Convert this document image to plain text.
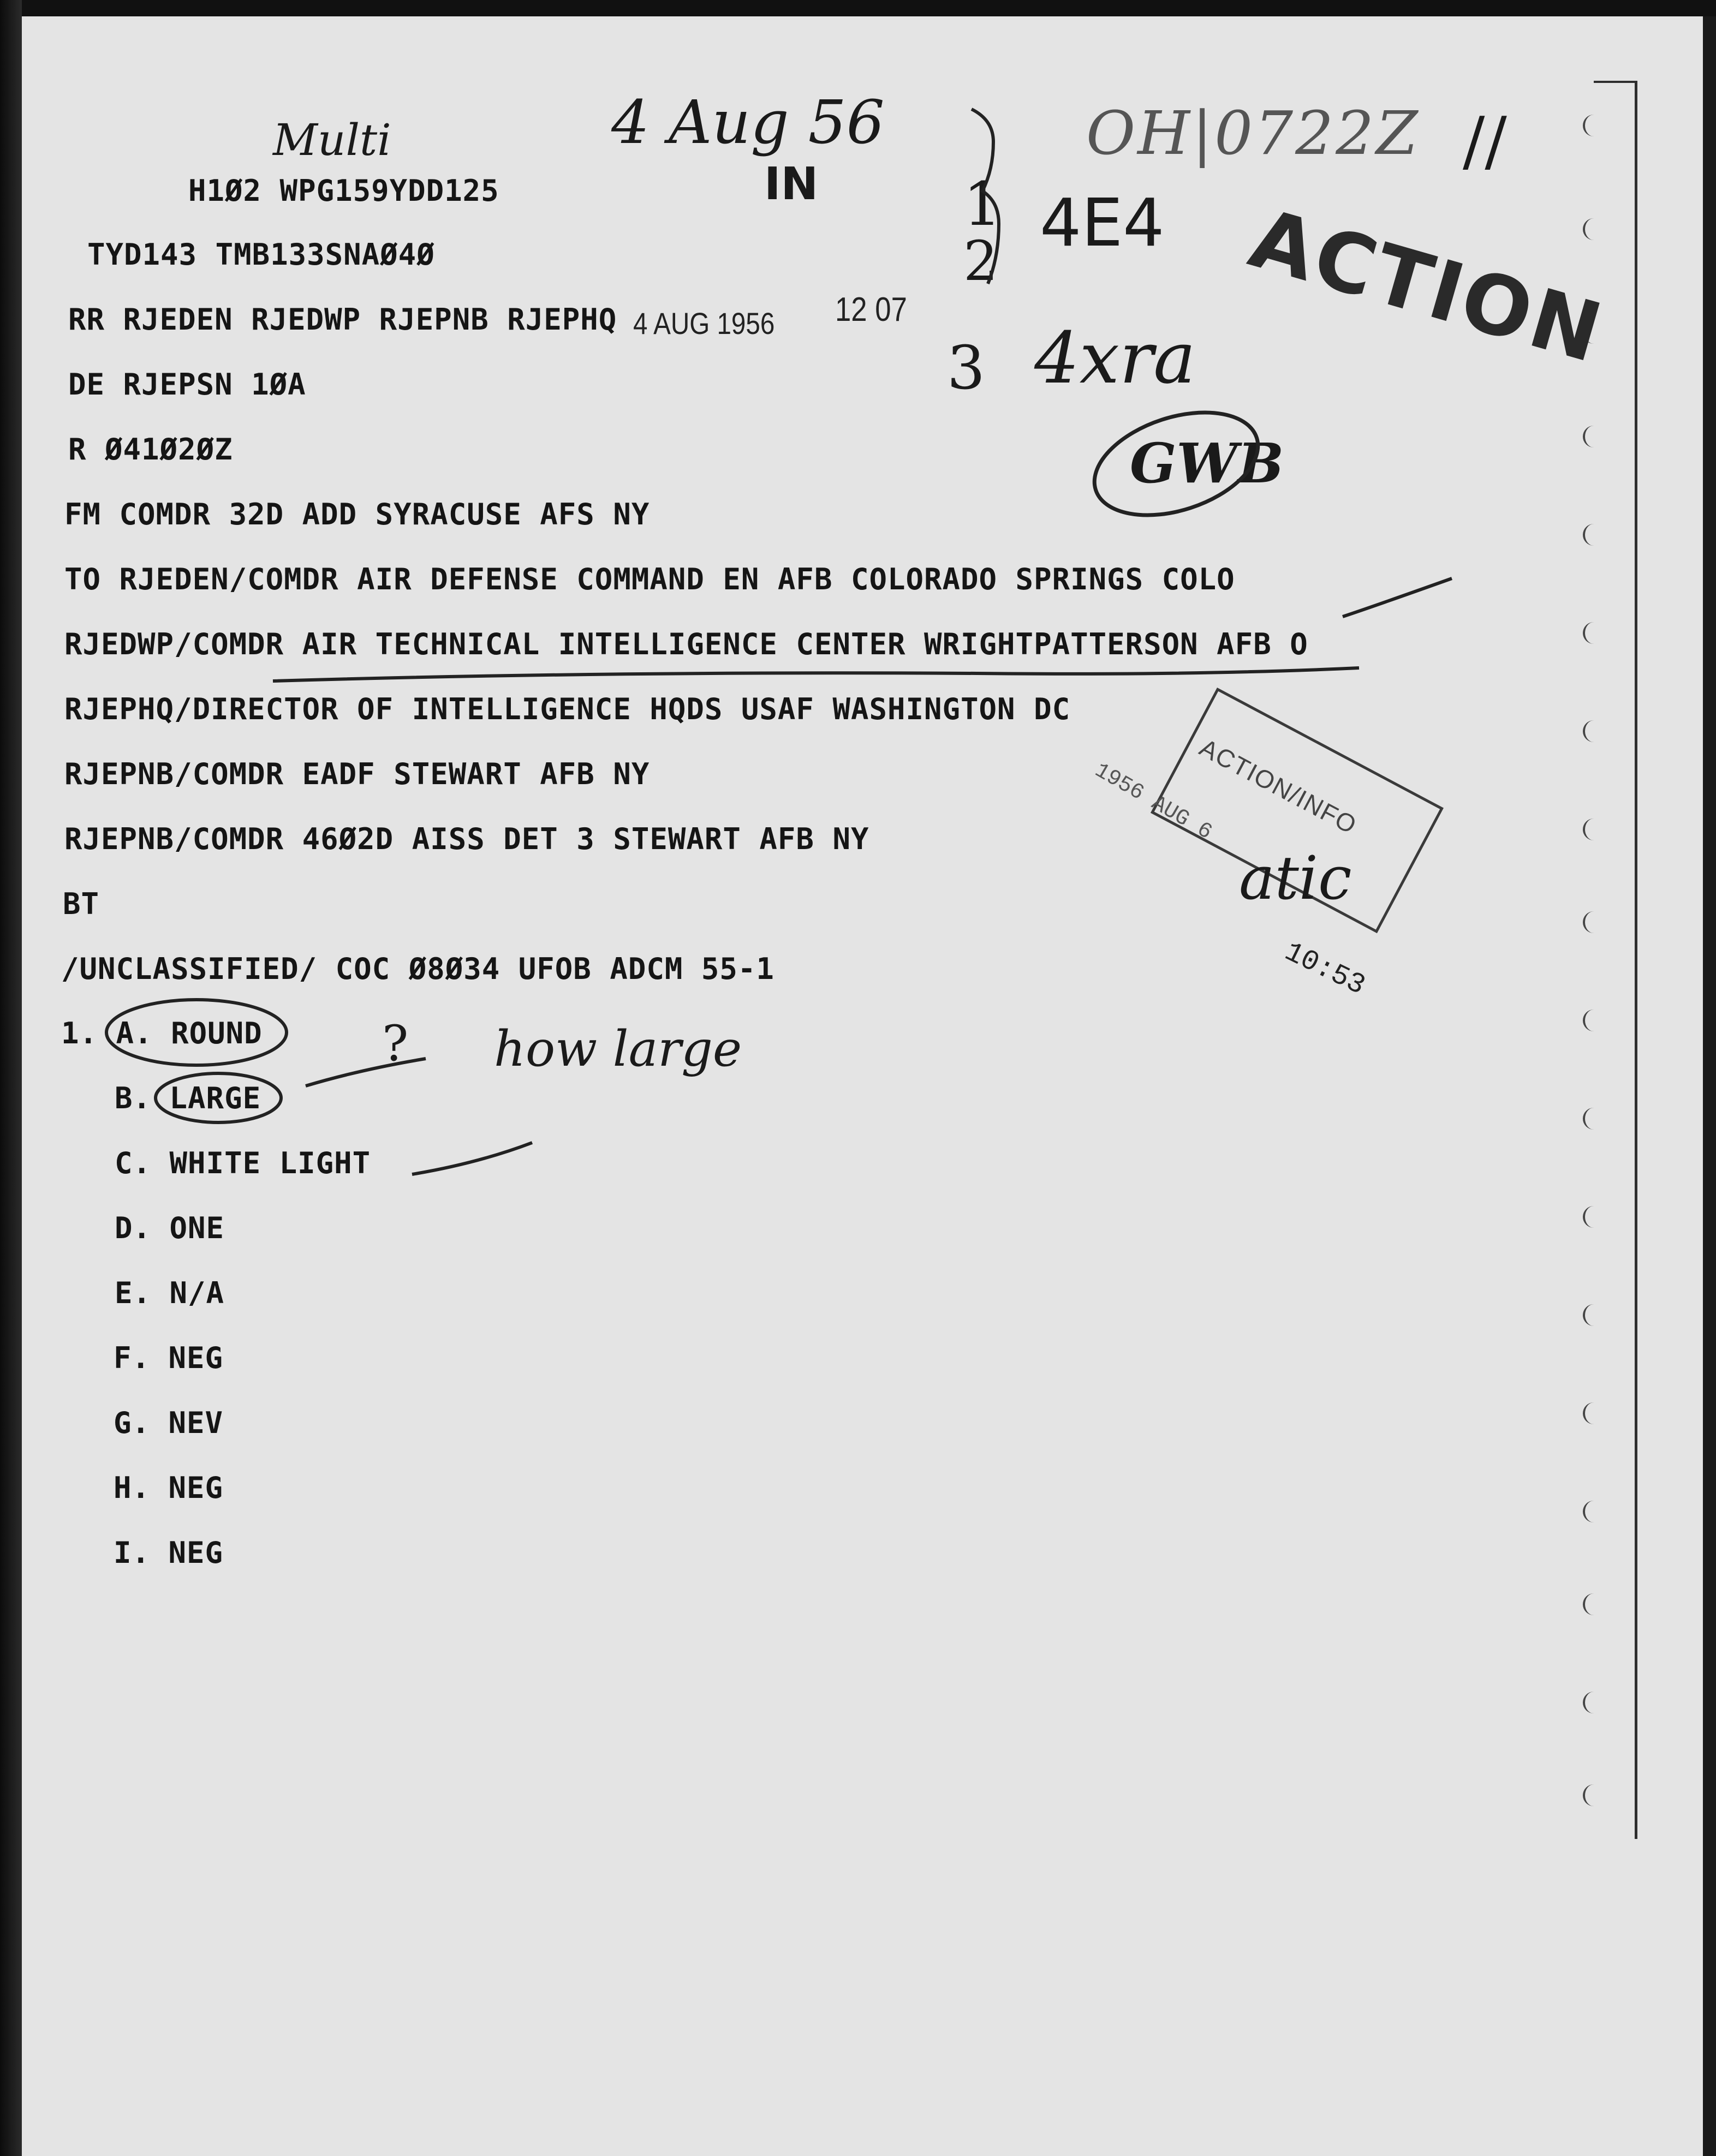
H1Ø2 WPG159YDD125
TYD143 TMB133SNAØ4Ø
RR RJEDEN RJEDWP RJEPNB RJEPHQ
DE RJEPSN 1ØA
R Ø41Ø2ØZ
FM COMDR 32D ADD SYRACUSE AFS NY
TO RJEDEN/COMDR AIR DEFENSE COMMAND EN AFB COLORADO SPRINGS COLO
RJEDWP/COMDR AIR TECHNICAL INTELLIGENCE CENTER WRIGHTPATTERSON AFB O
RJEPHQ/DIRECTOR OF INTELLIGENCE HQDS USAF WASHINGTON DC
RJEPNB/COMDR EADF STEWART AFB NY
RJEPNB/COMDR 46Ø2D AISS DET 3 STEWART AFB NY
BT
/UNCLASSIFIED/ COC Ø8Ø34 UFOB ADCM 55-1
1. A. ROUND
B. LARGE
C. WHITE LIGHT
D. ONE
E. N/A
F. NEG
G. NEV
H. NEG
I. NEG
4 AUG 1956 12 07	ACTION
ACTION/INFO
1956 AUG 6
10:53
Multi	4 Aug 56
IN
OH|0722Z //
1
2
3
4E4
4xra
GWB
atic
? how large
